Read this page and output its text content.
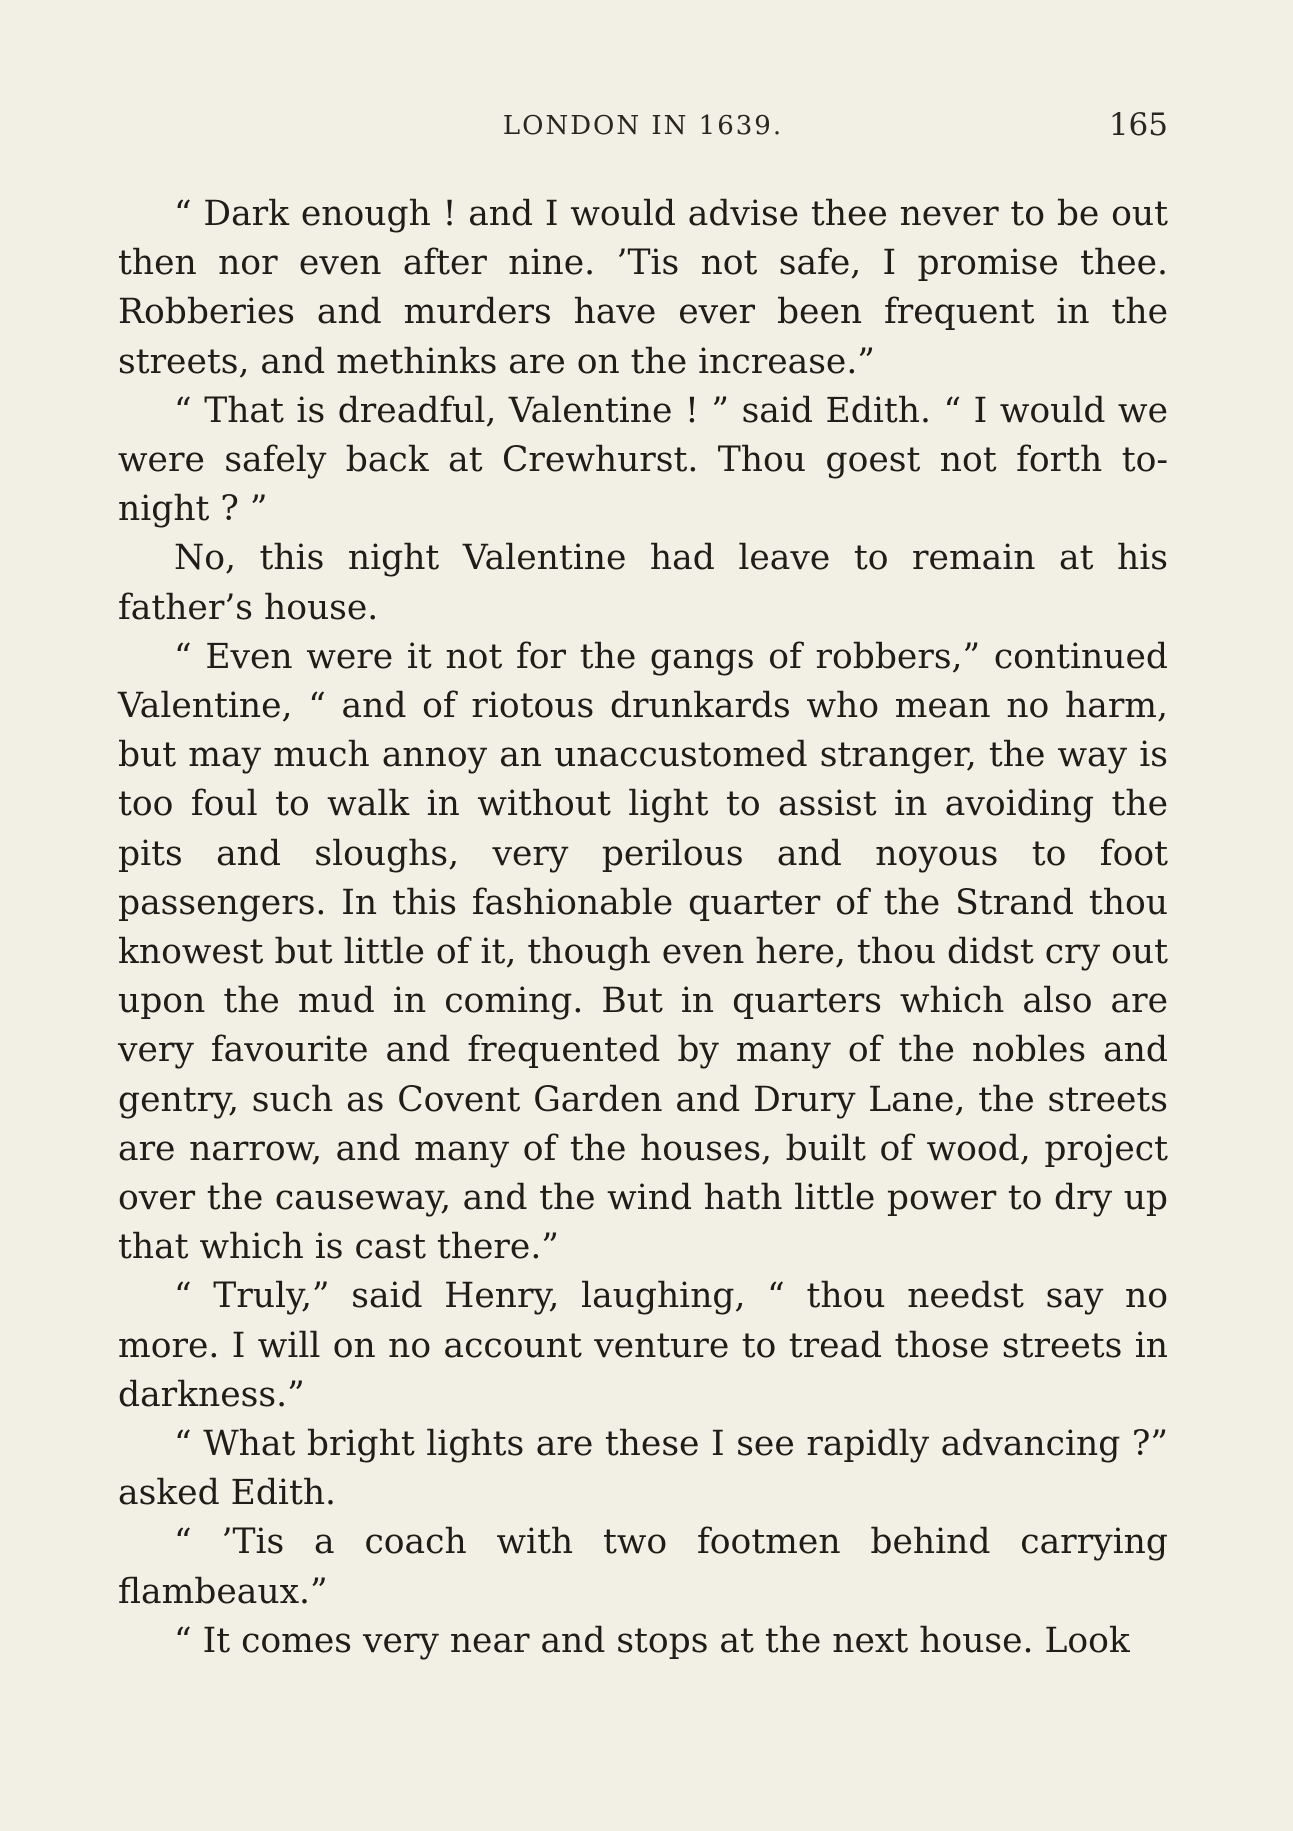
LONDON IN 1639.	165

“ Dark enough ! and I would advise thee never to be out then nor even after nine. ’Tis not safe, I promise thee. Robberies and murders have ever been frequent in the streets, and methinks are on the increase.”

“ That is dreadful, Valentine ! ” said Edith. “ I would we were safely back at Crewhurst. Thou goest not forth to-night ? ”

No, this night Valentine had leave to remain at his father’s house.

“ Even were it not for the gangs of robbers,” continued Valentine, “ and of riotous drunkards who mean no harm, but may much annoy an unaccustomed stranger, the way is too foul to walk in without light to assist in avoiding the pits and sloughs, very perilous and noyous to foot passengers. In this fashionable quarter of the Strand thou knowest but little of it, though even here, thou didst cry out upon the mud in coming. But in quarters which also are very favourite and frequented by many of the nobles and gentry, such as Covent Garden and Drury Lane, the streets are narrow, and many of the houses, built of wood, project over the causeway, and the wind hath little power to dry up that which is cast there.”

“ Truly,” said Henry, laughing, “ thou needst say no more. I will on no account venture to tread those streets in darkness.”

“ What bright lights are these I see rapidly advancing ?” asked Edith.

“ ’Tis a coach with two footmen behind carrying flambeaux.”

“ It comes very near and stops at the next house. Look
